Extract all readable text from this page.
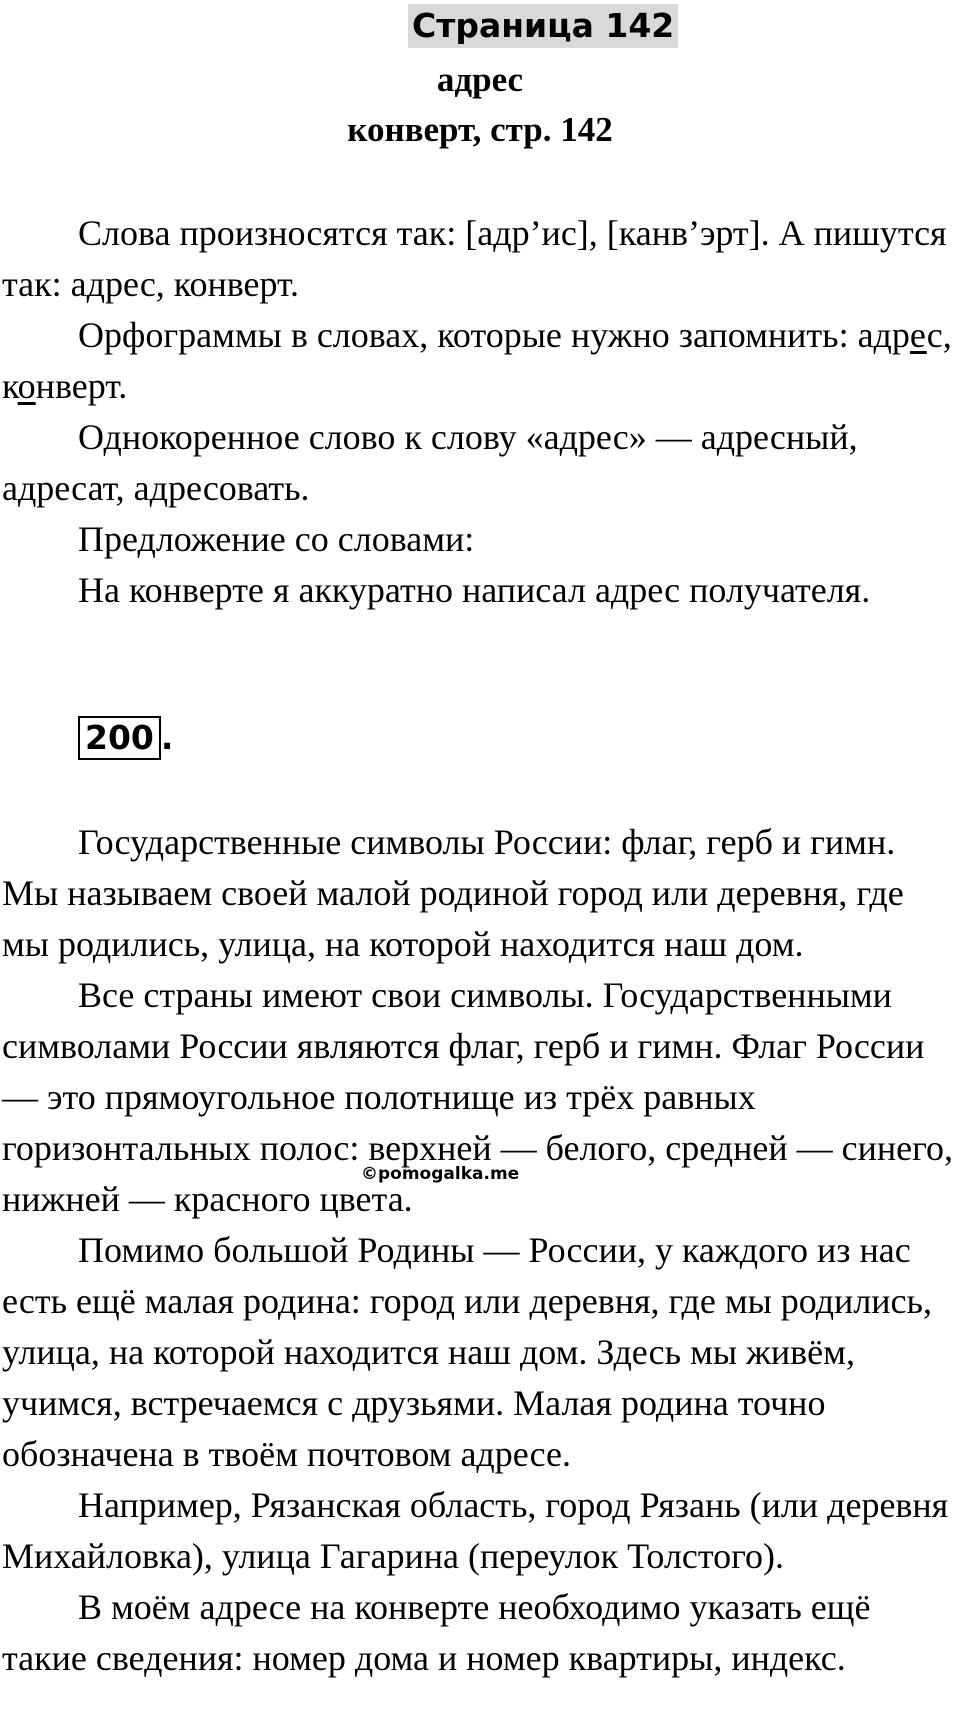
Страница 142
адрес
конверт, стр. 142

Слова произносятся так: [адр’ис], [канв’эрт]. А пишутся так: адрес, конверт.

Орфограммы в словах, которые нужно запомнить: адрес, конверт.

Однокоренное слово к слову «адрес» — адресный, адресат, адресовать.

Предложение со словами:

На конверте я аккуратно написал адрес получателя.

200 .

Государственные символы России: флаг, герб и гимн. Мы называем своей малой родиной город или деревня, где мы родились, улица, на которой находится наш дом.

Все страны имеют свои символы. Государственными символами России являются флаг, герб и гимн. Флаг России — это прямоугольное полотнище из трёх равных горизонтальных полос: верхней — белого, средней — синего, нижней — красного цвета.

Помимо большой Родины — России, у каждого из нас есть ещё малая родина: город или деревня, где мы родились, улица, на которой находится наш дом. Здесь мы живём, учимся, встречаемся с друзьями. Малая родина точно обозначена в твоём почтовом адресе.

Например, Рязанская область, город Рязань (или деревня Михайловка), улица Гагарина (переулок Толстого).

В моём адресе на конверте необходимо указать ещё такие сведения: номер дома и номер квартиры, индекс.

©pomogalka.me
